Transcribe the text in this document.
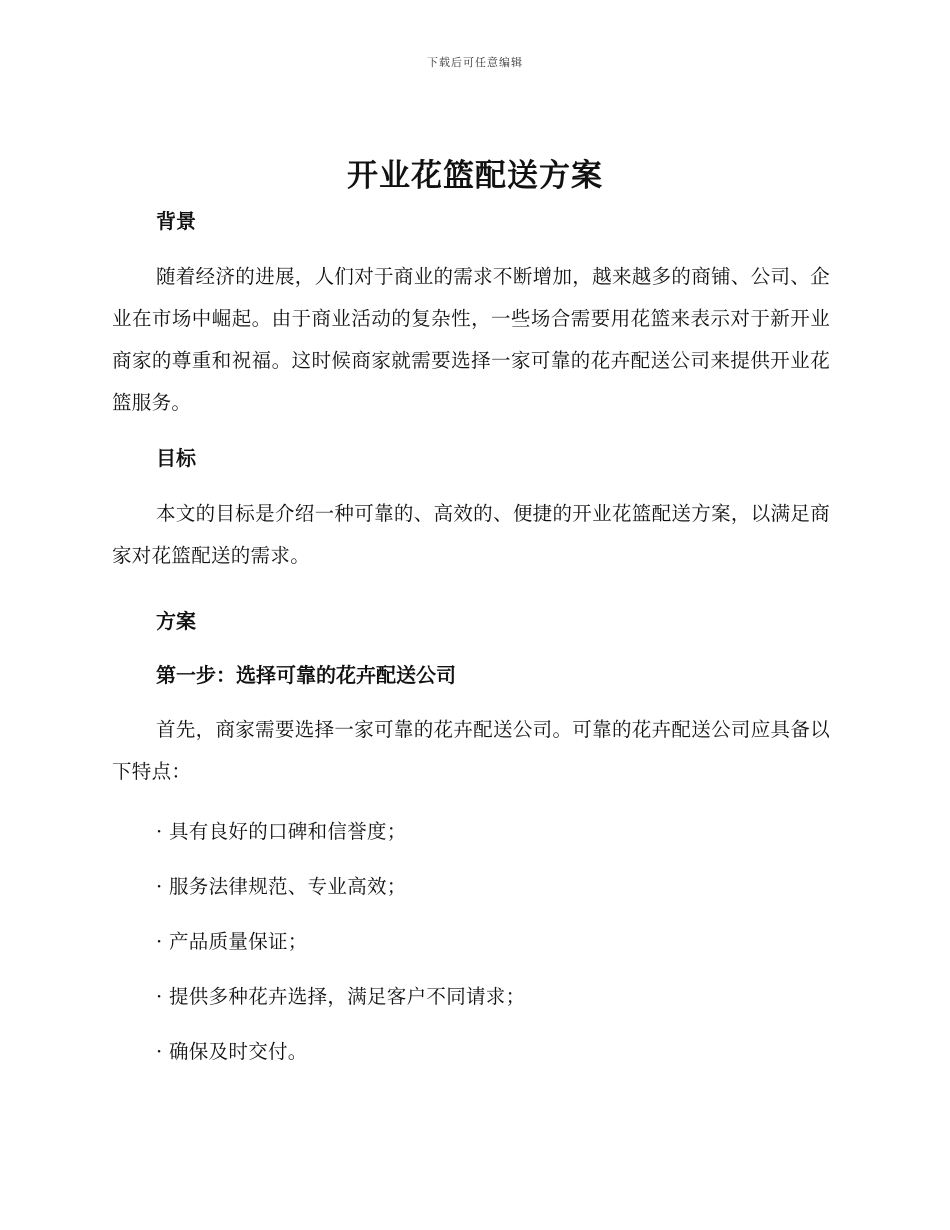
下载后可任意编辑
开业花篮配送方案

背景

随着经济的进展，人们对于商业的需求不断增加，越来越多的商铺、公司、企业在市场中崛起。由于商业活动的复杂性，一些场合需要用花篮来表示对于新开业商家的尊重和祝福。这时候商家就需要选择一家可靠的花卉配送公司来提供开业花篮服务。

目标

本文的目标是介绍一种可靠的、高效的、便捷的开业花篮配送方案，以满足商家对花篮配送的需求。

方案

第一步：选择可靠的花卉配送公司

首先，商家需要选择一家可靠的花卉配送公司。可靠的花卉配送公司应具备以下特点：

· 具有良好的口碑和信誉度；

· 服务法律规范、专业高效；

· 产品质量保证；

· 提供多种花卉选择，满足客户不同请求；

· 确保及时交付。
